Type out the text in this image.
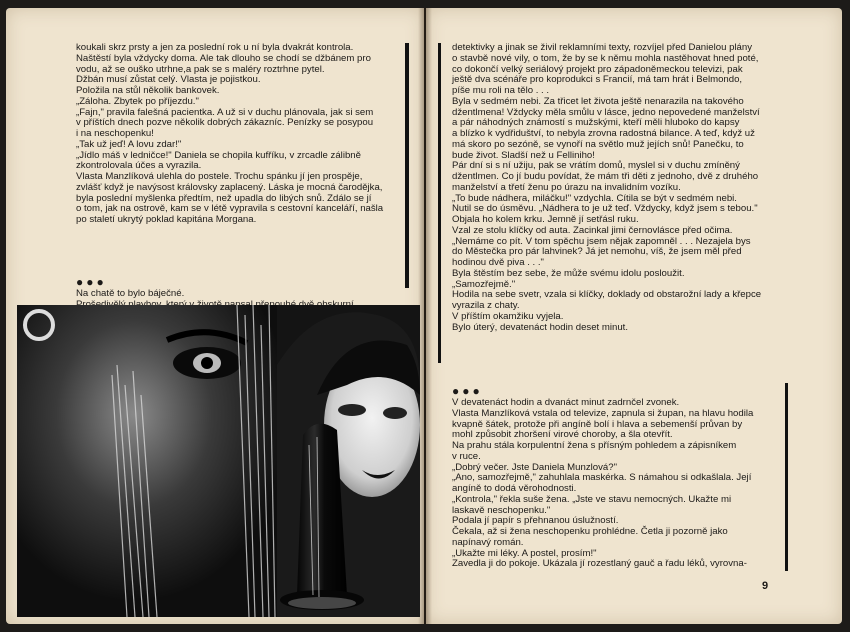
koukali skrz prsty a jen za poslední rok u ní byla dvakrát kontrola.
Naštěstí byla vždycky doma. Ale tak dlouho se chodí se džbánem pro
vodu, až se ouško utrhne,a pak se s maléry roztrhne pytel.
Džbán musí zůstat celý. Vlasta je pojistkou.
Položila na stůl několik bankovek.
„Záloha. Zbytek po příjezdu."
„Fajn," pravila falešná pacientka. A už si v duchu plánovala, jak si sem
v příštích dnech pozve několik dobrých zákazníc. Penízky se posypou
i na neschopenku!
„Tak už jeď! A lovu zdar!"
„Jídlo máš v ledničce!" Daniela se chopila kufříku, v zrcadle zálibně
zkontrolovala účes a vyrazila.
Vlasta Manzlíková ulehla do postele. Trochu spánku jí jen prospěje,
zvlášť když je navýsost královsky zaplacený. Láska je mocná čarodějka,
byla poslední myšlenka předtím, než upadla do libých snů. Zdálo se jí
o tom, jak na ostrově, kam se v létě vypravila s cestovní kanceláří, našla
po staletí ukrytý poklad kapitána Morgana.
●●●
Na chatě to bylo báječné.
detektivky a jinak se živil reklamními texty, rozvíjel před Danielou plány
o stavbě nové vily, o tom, že by se k němu mohla nastěhovat hned poté,
co dokončí velký seriálový projekt pro západoněmeckou televizi, pak
ještě dva scénáře pro koprodukci s Francií, má tam hrát i Belmondo,
píše mu roli na tělo . . .
Byla v sedmém nebi. Za třicet let života ještě nenarazila na takového
džentlmena! Vždycky měla smůlu v lásce, jedno nepovedené manželství
a pár náhodných známostí s mužskými, kteří měli hluboko do kapsy
a blízko k vydřiduštví, to nebyla zrovna radostná bilance. A teď, když už
má skoro po sezóně, se vynoří na světlo muž jejích snů! Panečku, to
bude život. Sladší než u Felliniho!
Pár dní si s ní užiju, pak se vrátím domů, myslel si v duchu zmíněný
džentlmen. Co jí budu povídat, že mám tři děti z jednoho, dvě z druhého
manželství a třetí ženu po úrazu na invalidním vozíku.
„To bude nádhera, miláčku!" vzdychla. Cítila se být v sedmém nebi.
Nutil se do úsměvu. „Nádhera to je už teď. Vždycky, když jsem s tebou."
Objala ho kolem krku. Jemně jí setřásl ruku.
Vzal ze stolu klíčky od auta. Zacinkal jimi černovlásce před očima.
„Nemáme co pít. V tom spěchu jsem nějak zapomněl . . . Nezajela bys
do Městečka pro pár lahvinek? Já jet nemohu, víš, že jsem měl před
hodinou dvě piva . . ."
Byla štěstím bez sebe, že může svému idolu posloužit.
„Samozřejmě."
Hodila na sebe svetr, vzala si klíčky, doklady od obstarožní lady a křepce
vyrazila z chaty.
V příštím okamžiku vyjela.
Bylo úterý, devatenáct hodin deset minut.
●●●
V devatenáct hodin a dvanáct minut zadrnčel zvonek.
Vlasta Manzlíková vstala od televize, zapnula si župan, na hlavu hodila
kvapně šátek, protože při angíně bolí i hlava a sebemenší průvan by
mohl způsobit zhoršení virové choroby, a šla otevřít.
Na prahu stála korpulentní žena s přísným pohledem a zápisníkem
v ruce.
„Dobrý večer. Jste Daniela Munzlová?"
„Ano, samozřejmě," zahuhlala maskérka. S námahou si odkašlala. Její
angíně to dodá věrohodnosti.
„Kontrola," řekla suše žena. „Jste ve stavu nemocných. Ukažte mi
laskavě neschopenku."
Podala jí papír s přehnanou úslužností.
Čekala, až si žena neschopenku prohlédne. Četla ji pozorně jako
napínavý román.
„Ukažte mi léky. A postel, prosím!"
Zavedla ji do pokoje. Ukázala jí rozestlaný gauč a řadu léků, vyrovna-
9
